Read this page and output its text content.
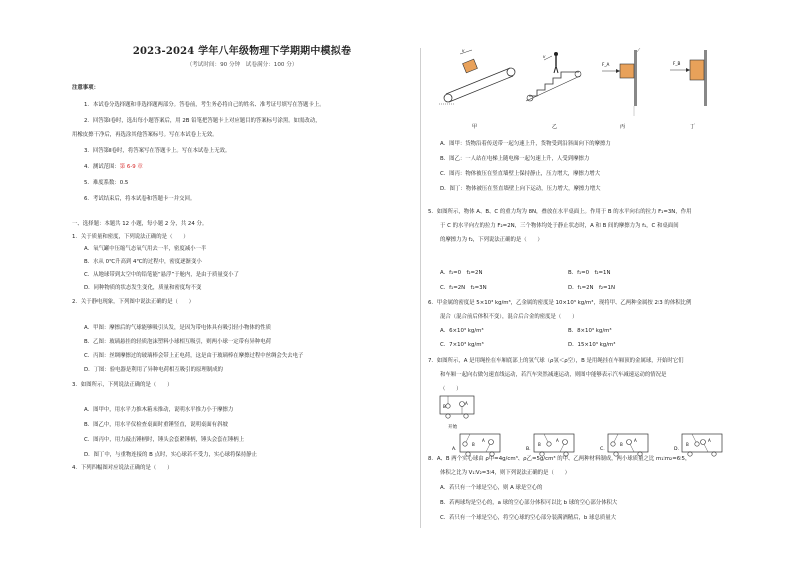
2023-2024 学年八年级物理下学期期中模拟卷
（考试时间：90 分钟　试卷满分：100 分）
注意事项：
1．本试卷分选择题和非选择题两部分。答卷前，考生务必将自己的姓名、准考证号填写在答题卡上。
2．回答第Ⅰ卷时，选出每小题答案后，用 2B 铅笔把答题卡上对应题目的答案标号涂黑。如需改动，
用橡皮擦干净后，再选涂其他答案标号。写在本试卷上无效。
3．回答第Ⅱ卷时，将答案写在答题卡上。写在本试卷上无效。
4．测试范围：第 6-9 章
5．难度系数：0.5
6．考试结束后，将本试卷和答题卡一并交回。
一、选择题：本题共 12 小题，每小题 2 分，共 24 分。
1．关于质量和密度，下列说法正确的是（　　）
A．氧气罐中压缩气态氧气用去一半，密度减小一半
B．水从 0℃升高到 4℃的过程中，密度逐渐变小
C．从地球带到太空中的铅笔能“悬浮”于舱内，是由于质量变小了
D．同种物质的状态发生变化，质量和密度均不变
2．关于静电现象，下列图中说法正确的是（　　）
A．甲图：摩擦后的气球能够吸引头发，是因为带电体具有吸引轻小物体的性质
B．乙图：玻璃悬挂的轻质泡沫塑料小球相互吸引，则两小球一定带有异种电荷
C．丙图：丝绸摩擦过的玻璃棒会带上正电荷，这是由于玻璃棒在摩擦过程中丝绸会失去电子
D．丁图：验电器是利用了异种电荷相互吸引的原理制成的
3．如图所示，下列说法正确的是（　　）
A．图甲中，用水平力推木箱未推动，说明水平推力小于摩擦力
B．图乙中，用水平仪检查桌面时重锤竖直，说明桌面有斜坡
C．图丙中，用力敲击锤柄时，锤头会套紧锤柄，锤头会套在锤柄上
D．图丁中，与重物连接的 B 点时，实心球若不受力，实心球将保持静止
4．下列四幅图对应说法正确的是（　　）
v
v
F_A	F_B
甲	乙	丙	丁
A．图甲：货物沿着传送带一起匀速上升，货物受到沿斜面向下的摩擦力
B．图乙：一人站在电梯上随电梯一起匀速上升，人受到摩擦力
C．图丙：物体被压在竖直墙壁上保持静止，压力增大，摩擦力增大
D．图丁：物体被压在竖直墙壁上向下运动，压力增大，摩擦力增大
5．如图所示，物体 A、B、C 的重力均为 8N，叠放在水平桌面上。作用于 B 的水平向右的拉力 F₁=3N，作用
于 C 的水平向左的拉力 F₂=2N，三个物体均处于静止状态时，A 和 B 间的摩擦力为 f₁，C 和桌面间
的摩擦力为 f₂，下列说法正确的是（　　）
A．f₁=0　f₂=2N	B．f₁=0　f₂=1N
C．f₁=2N　f₂=3N	D．f₁=2N　f₂=1N
6．甲金属的密度是 5×10³ kg/m³，乙金属的密度是 10×10³ kg/m³，现将甲、乙两种金属按 2∶3 的体积比例
混合（混合前后体积不变），混合后合金的密度是（　　）
A．6×10³ kg/m³	B．8×10³ kg/m³
C．7×10³ kg/m³	D．15×10³ kg/m³
7．如图所示，A 是用绳拴在车厢底部上的氢气球（ρ氢＜ρ空），B 是用绳挂在车厢顶的金属球，开始时它们
和车厢一起向右做匀速直线运动，若汽车突然减速运动，则图中能够表示汽车减速运动的情况是
（　　）
B
A
开始
B
A
A.
B
A
B.
B
A
C.
B
A
D.
8．A、B 两个实心球由 ρ甲=4g/cm³、ρ乙=5g/cm³ 的甲、乙两种材料制成，两小球质量之比 m₁∶m₂=6∶5，
体积之比为 V₁∶V₂=3∶4，则下列说法正确的是（　　）
A．若只有一个球是空心，则 A 球是空心的
B．若两球均是空心的，a 球的空心部分体积可以比 b 球的空心部分体积大
C．若只有一个球是空心，将空心球的空心部分装满酒精后，b 球总质量大
